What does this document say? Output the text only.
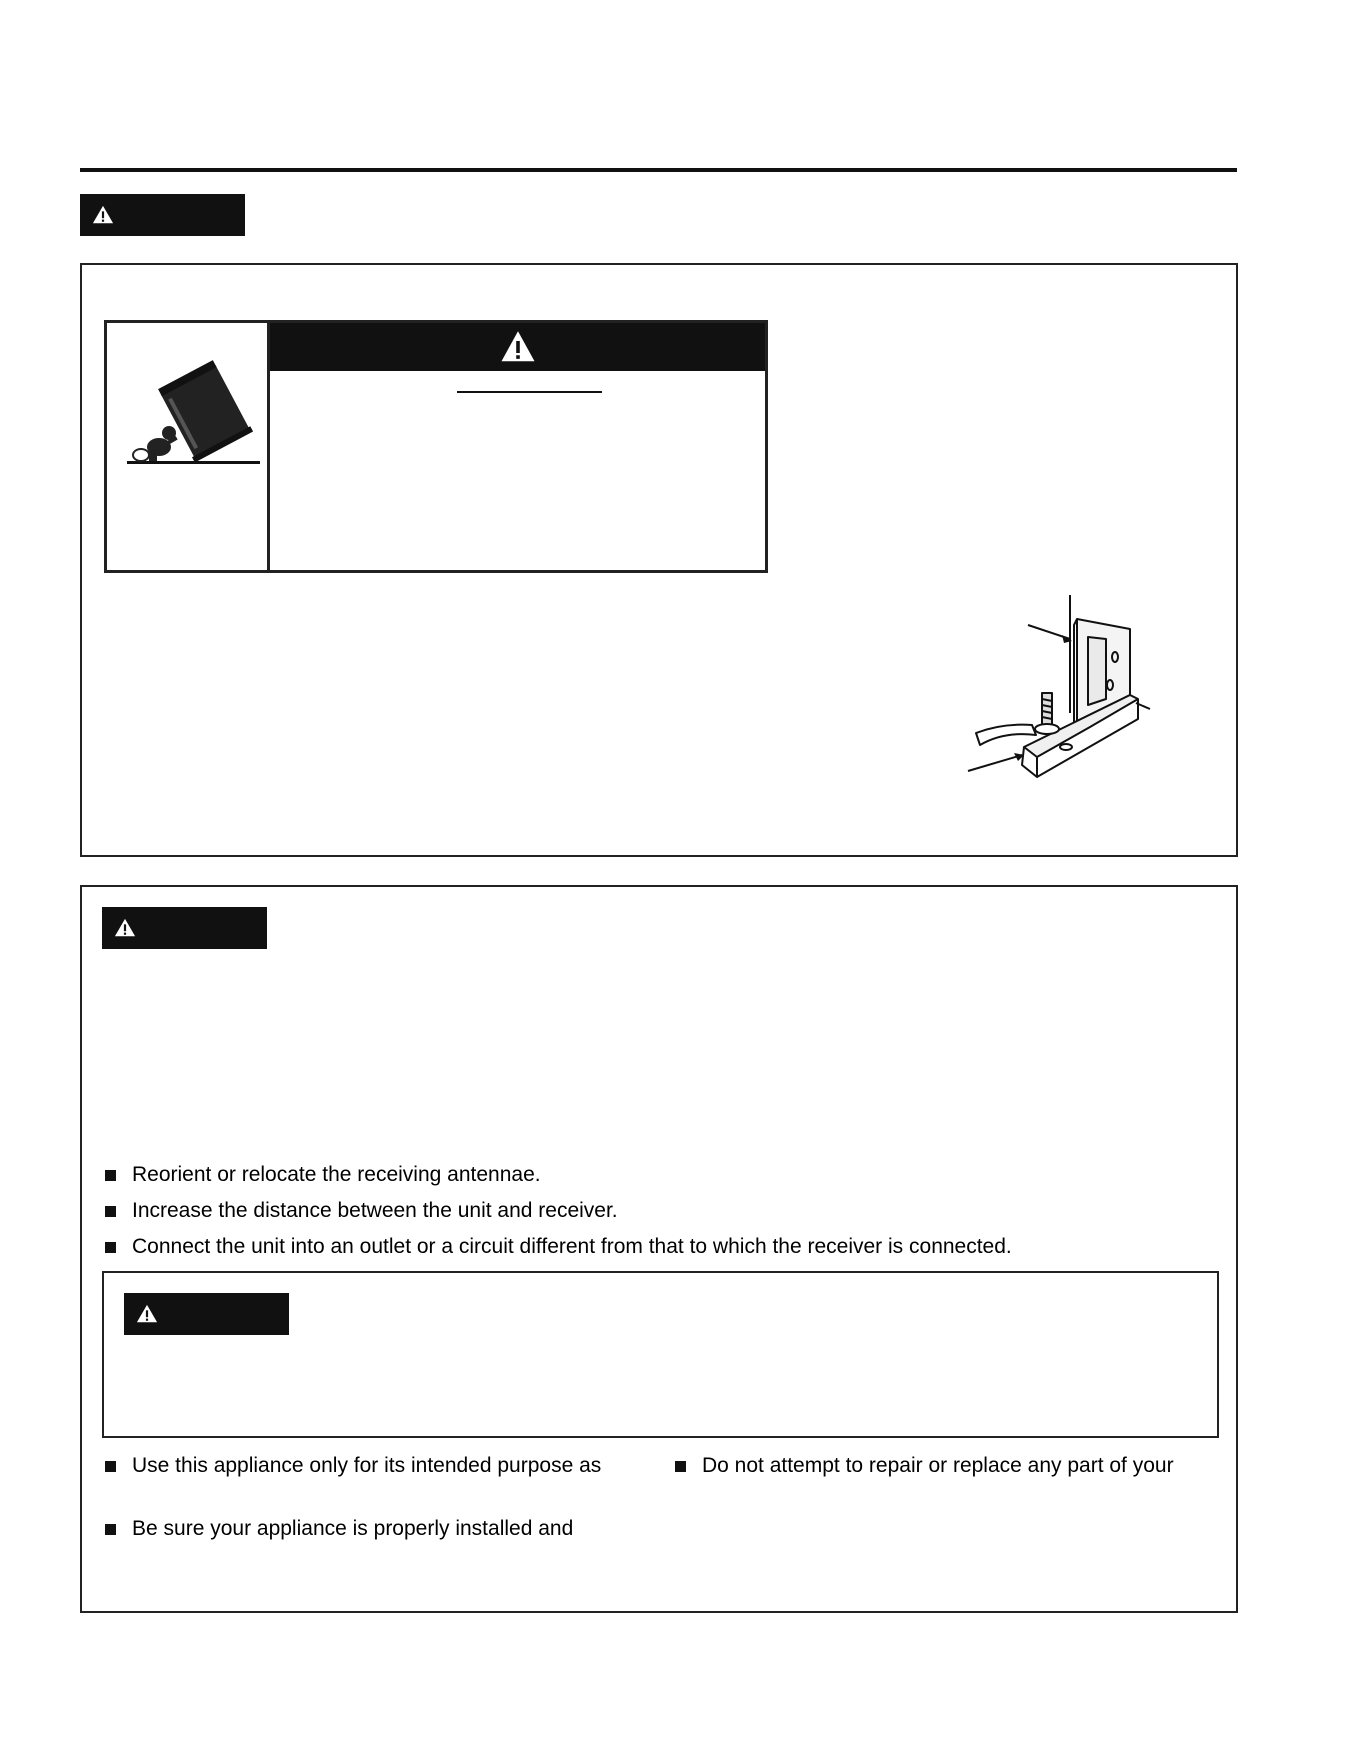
Reorient or relocate the receiving antennae.
Increase the distance between the unit and receiver.
Connect the unit into an outlet or a circuit different from that to which the receiver is connected.
Use this appliance only for its intended purpose as
Be sure your appliance is properly installed and
Do not attempt to repair or replace any part of your
